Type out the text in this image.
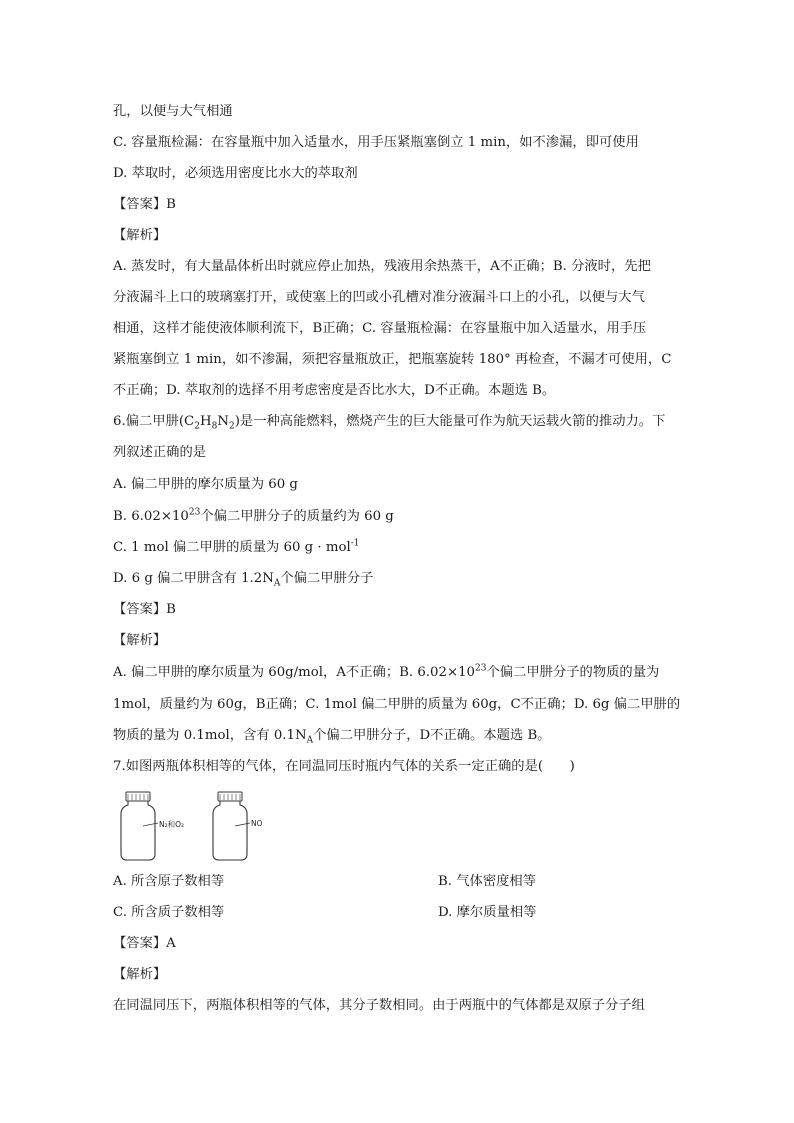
孔，以便与大气相通
C. 容量瓶检漏：在容量瓶中加入适量水，用手压紧瓶塞倒立 1 min，如不渗漏，即可使用
D. 萃取时，必须选用密度比水大的萃取剂
【答案】B
【解析】
A. 蒸发时，有大量晶体析出时就应停止加热，残液用余热蒸干，A不正确；B. 分液时，先把
分液漏斗上口的玻璃塞打开，或使塞上的凹或小孔槽对准分液漏斗口上的小孔，以便与大气
相通，这样才能使液体顺利流下，B正确；C. 容量瓶检漏：在容量瓶中加入适量水，用手压
紧瓶塞倒立 1 min，如不渗漏，须把容量瓶放正，把瓶塞旋转 180° 再检查，不漏才可使用，C
不正确；D. 萃取剂的选择不用考虑密度是否比水大，D不正确。本题选 B。
6.偏二甲肼$(C_2H_8N_2)$是一种高能燃料，燃烧产生的巨大能量可作为航天运载火箭的推动力。下
列叙述正确的是
A. 偏二甲肼的摩尔质量为 60 g
B. $6.02\times 10^{23}$个偏二甲肼分子的质量约为 60 g
C. 1 mol 偏二甲肼的质量为 60 g · mol$^{-1}$
D. 6 g 偏二甲肼含有 $1.2N_A$个偏二甲肼分子
【答案】B
【解析】
A. 偏二甲肼的摩尔质量为 60g/mol，A不正确；B. $6.02\times 10^{23}$个偏二甲肼分子的物质的量为
1mol，质量约为 60g，B正确；C. 1mol 偏二甲肼的质量为 60g，C不正确；D. 6g 偏二甲肼的
物质的量为 0.1mol，含有 $0.1N_A$个偏二甲肼分子，D不正确。本题选 B。
7.如图两瓶体积相等的气体，在同温同压时瓶内气体的关系一定正确的是(　　)
N₂和O₂	NO
A. 所含原子数相等	B. 气体密度相等
C. 所含质子数相等	D. 摩尔质量相等
【答案】A
【解析】
在同温同压下，两瓶体积相等的气体，其分子数相同。由于两瓶中的气体都是双原子分子组
